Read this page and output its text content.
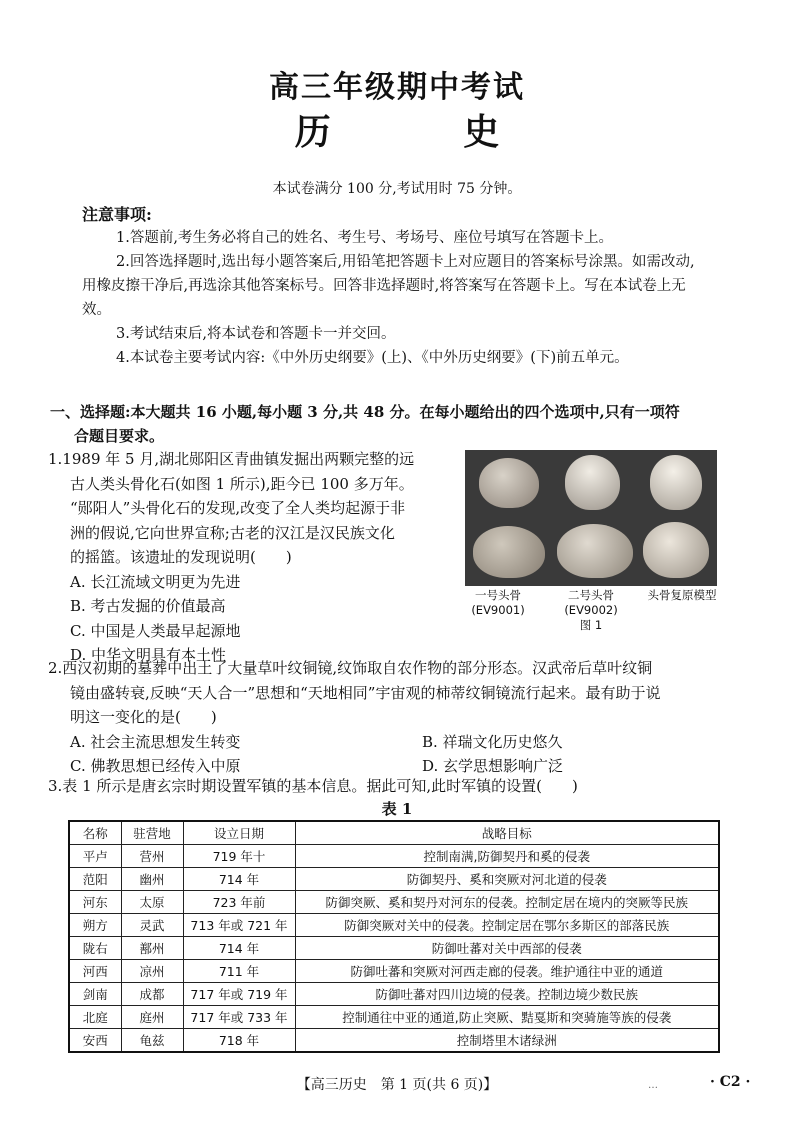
高三年级期中考试
历 史
本试卷满分 100 分,考试用时 75 分钟。
注意事项:

1.答题前,考生务必将自己的姓名、考生号、考场号、座位号填写在答题卡上。

2.回答选择题时,选出每小题答案后,用铅笔把答题卡上对应题目的答案标号涂黑。如需改动,用橡皮擦干净后,再选涂其他答案标号。回答非选择题时,将答案写在答题卡上。写在本试卷上无效。

3.考试结束后,将本试卷和答题卡一并交回。

4.本试卷主要考试内容:《中外历史纲要》(上)、《中外历史纲要》(下)前五单元。

一、选择题:本大题共 16 小题,每小题 3 分,共 48 分。在每小题给出的四个选项中,只有一项符
合题目要求。
1.1989 年 5 月,湖北郧阳区青曲镇发掘出两颗完整的远
古人类头骨化石(如图 1 所示),距今已 100 多万年。
“郧阳人”头骨化石的发现,改变了全人类均起源于非
洲的假说,它向世界宣称;古老的汉江是汉民族文化
的摇篮。该遗址的发现说明(　　)
A. 长江流域文明更为先进
B. 考古发掘的价值最高
C. 中国是人类最早起源地
D. 中华文明具有本土性
一号头骨
(EV9001)
二号头骨
(EV9002)
图 1
头骨复原模型
2.西汉初期的墓葬中出土了大量草叶纹铜镜,纹饰取自农作物的部分形态。汉武帝后草叶纹铜
镜由盛转衰,反映“天人合一”思想和“天地相同”宇宙观的柿蒂纹铜镜流行起来。最有助于说
明这一变化的是(　　)
A. 社会主流思想发生转变	B. 祥瑞文化历史悠久
C. 佛教思想已经传入中原	D. 玄学思想影响广泛
3.表 1 所示是唐玄宗时期设置军镇的基本信息。据此可知,此时军镇的设置(　　)
表 1
名称	驻营地	设立日期	战略目标
平卢	营州	719 年十	控制南满,防御契丹和奚的侵袭
范阳	幽州	714 年	防御契丹、奚和突厥对河北道的侵袭
河东	太原	723 年前	防御突厥、奚和契丹对河东的侵袭。控制定居在境内的突厥等民族
朔方	灵武	713 年或 721 年	防御突厥对关中的侵袭。控制定居在鄂尔多斯区的部落民族
陇右	鄯州	714 年	防御吐蕃对关中西部的侵袭
河西	凉州	711 年	防御吐蕃和突厥对河西走廊的侵袭。维护通往中亚的通道
剑南	成都	717 年或 719 年	防御吐蕃对四川边境的侵袭。控制边境少数民族
北庭	庭州	717 年或 733 年	控制通往中亚的通道,防止突厥、黠戛斯和突骑施等族的侵袭
安西	龟兹	718 年	控制塔里木诸绿洲
【高三历史　第 1 页(共 6 页)】	…	· C2 ·
